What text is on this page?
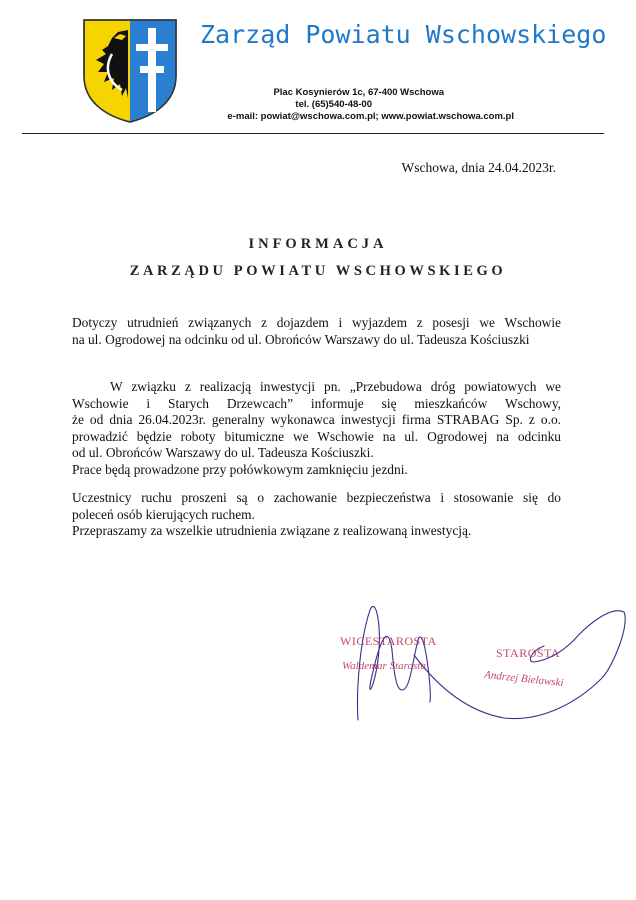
Zarząd Powiatu Wschowskiego
Plac Kosynierów 1c, 67-400 Wschowa
tel. (65)540-48-00
e-mail: powiat@wschowa.com.pl; www.powiat.wschowa.com.pl
Wschowa, dnia 24.04.2023r.
INFORMACJA
ZARZĄDU POWIATU WSCHOWSKIEGO
Dotyczy utrudnień związanych z dojazdem i wyjazdem z posesji we Wschowie
na ul. Ogrodowej na odcinku od ul. Obrońców Warszawy do ul. Tadeusza Kościuszki
W związku z realizacją inwestycji pn. „Przebudowa dróg powiatowych we
Wschowie i Starych Drzewcach” informuje się mieszkańców Wschowy,
że od dnia 26.04.2023r. generalny wykonawca inwestycji firma STRABAG Sp. z o.o.
prowadzić będzie roboty bitumiczne we Wschowie na ul. Ogrodowej na odcinku
od ul. Obrońców Warszawy do ul. Tadeusza Kościuszki.
Prace będą prowadzone przy połówkowym zamknięciu jezdni.
Uczestnicy ruchu proszeni są o zachowanie bezpieczeństwa i stosowanie się do
poleceń osób kierujących ruchem.
Przepraszamy za wszelkie utrudnienia związane z realizowaną inwestycją.
WICESTAROSTA
Waldemar Starosta
STAROSTA
Andrzej Bielawski
